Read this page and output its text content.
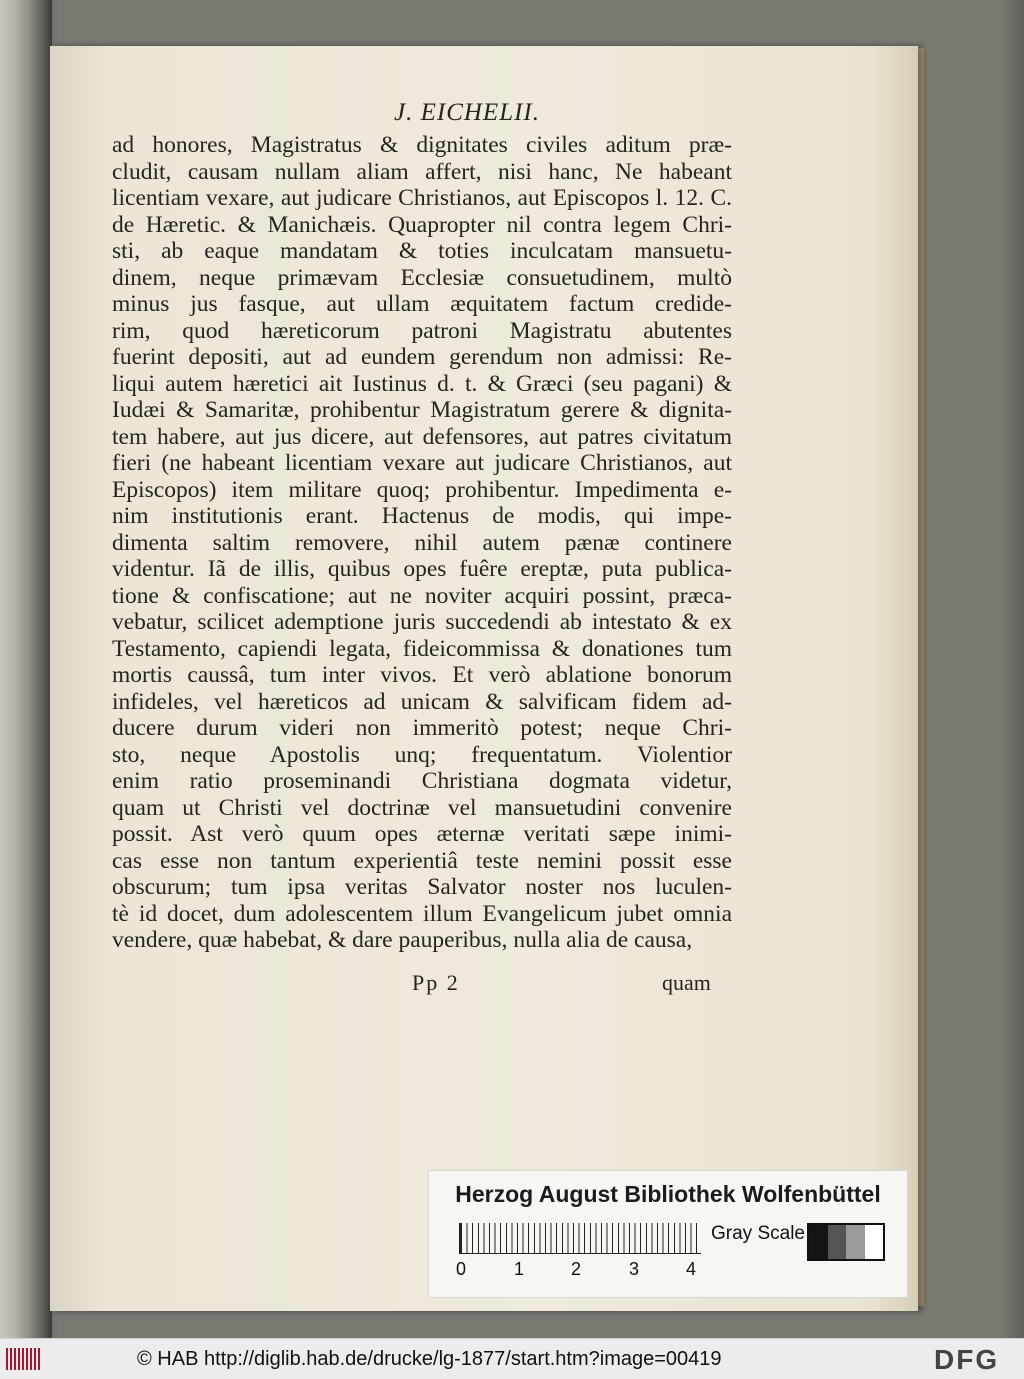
J. EICHELII.
ad honores, Magistratus & dignitates civiles aditum præ-
cludit, causam nullam aliam affert, nisi hanc, Ne habeant
licentiam vexare, aut judicare Christianos, aut Episcopos l. 12. C.
de Hæretic. & Manichæis. Quapropter nil contra legem Chri-
sti, ab eaque mandatam & toties inculcatam mansuetu-
dinem, neque primævam Ecclesiæ consuetudinem, multò
minus jus fasque, aut ullam æquitatem factum credide-
rim, quod hæreticorum patroni Magistratu abutentes
fuerint depositi, aut ad eundem gerendum non admissi: Re-
liqui autem hæretici ait Iustinus d. t. & Græci (seu pagani) &
Iudæi & Samaritæ, prohibentur Magistratum gerere & dignita-
tem habere, aut jus dicere, aut defensores, aut patres civitatum
fieri (ne habeant licentiam vexare aut judicare Christianos, aut
Episcopos) item militare quoq; prohibentur. Impedimenta e-
nim institutionis erant. Hactenus de modis, qui impe-
dimenta saltim removere, nihil autem pænæ continere
videntur. Iã de illis, quibus opes fuêre ereptæ, puta publica-
tione & confiscatione; aut ne noviter acquiri possint, præca-
vebatur, scilicet ademptione juris succedendi ab intestato & ex
Testamento, capiendi legata, fideicommissa & donationes tum
mortis caussâ, tum inter vivos. Et verò ablatione bonorum
infideles, vel hæreticos ad unicam & salvificam fidem ad-
ducere durum videri non immeritò potest; neque Chri-
sto, neque Apostolis unq; frequentatum. Violentior
enim ratio proseminandi Christiana dogmata videtur,
quam ut Christi vel doctrinæ vel mansuetudini convenire
possit. Ast verò quum opes æternæ veritati sæpe inimi-
cas esse non tantum experientiâ teste nemini possit esse
obscurum; tum ipsa veritas Salvator noster nos luculen-
tè id docet, dum adolescentem illum Evangelicum jubet omnia
vendere, quæ habebat, & dare pauperibus, nulla alia de causa,
Pp 2	quam
Herzog August Bibliothek Wolfenbüttel
0	1	2	3	4
Gray Scale
© HAB http://diglib.hab.de/drucke/lg-1877/start.htm?image=00419	DFG
